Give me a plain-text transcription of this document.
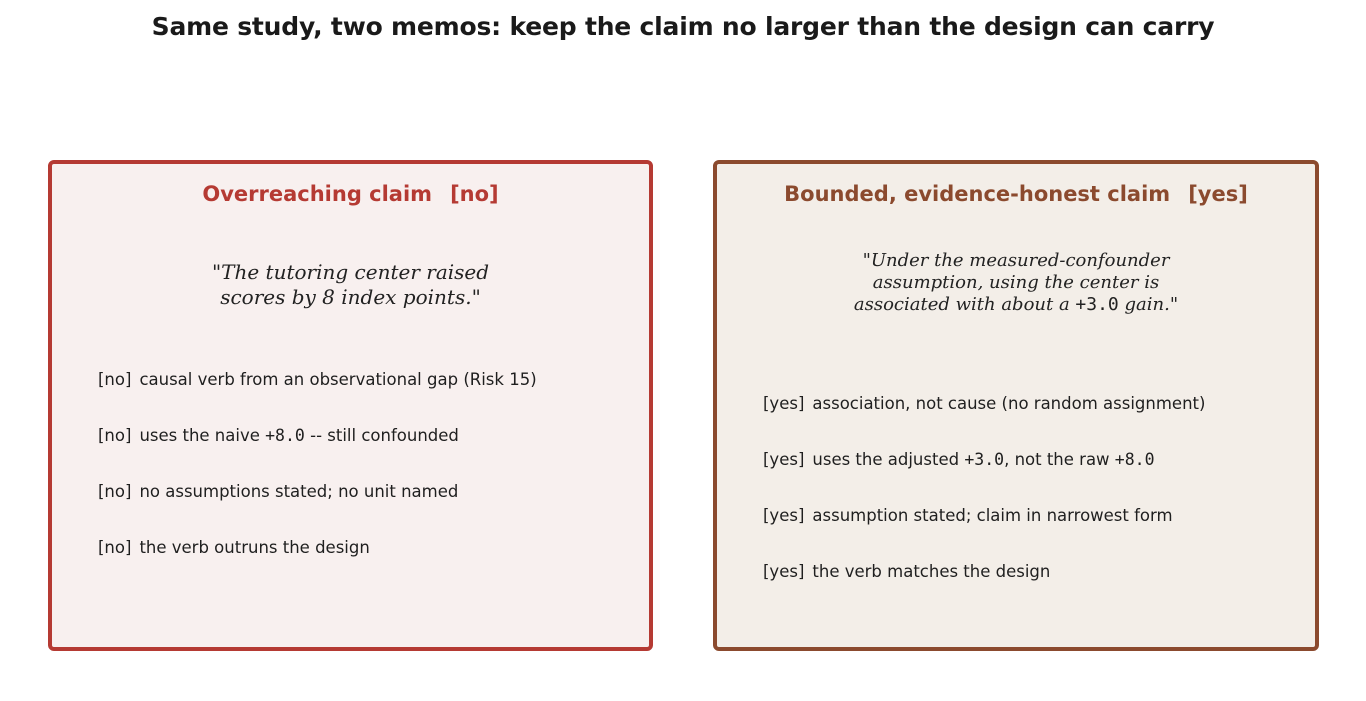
Same study, two memos: keep the claim no larger than the design can carry
Overreaching claim [no]
"The tutoring center raised
scores by 8 index points."
[no] causal verb from an observational gap (Risk 15)
[no] uses the naive +8.0 -- still confounded
[no] no assumptions stated; no unit named
[no] the verb outruns the design
Bounded, evidence-honest claim [yes]
"Under the measured-confounder
assumption, using the center is
associated with about a +3.0 gain."
[yes] association, not cause (no random assignment)
[yes] uses the adjusted +3.0, not the raw +8.0
[yes] assumption stated; claim in narrowest form
[yes] the verb matches the design
